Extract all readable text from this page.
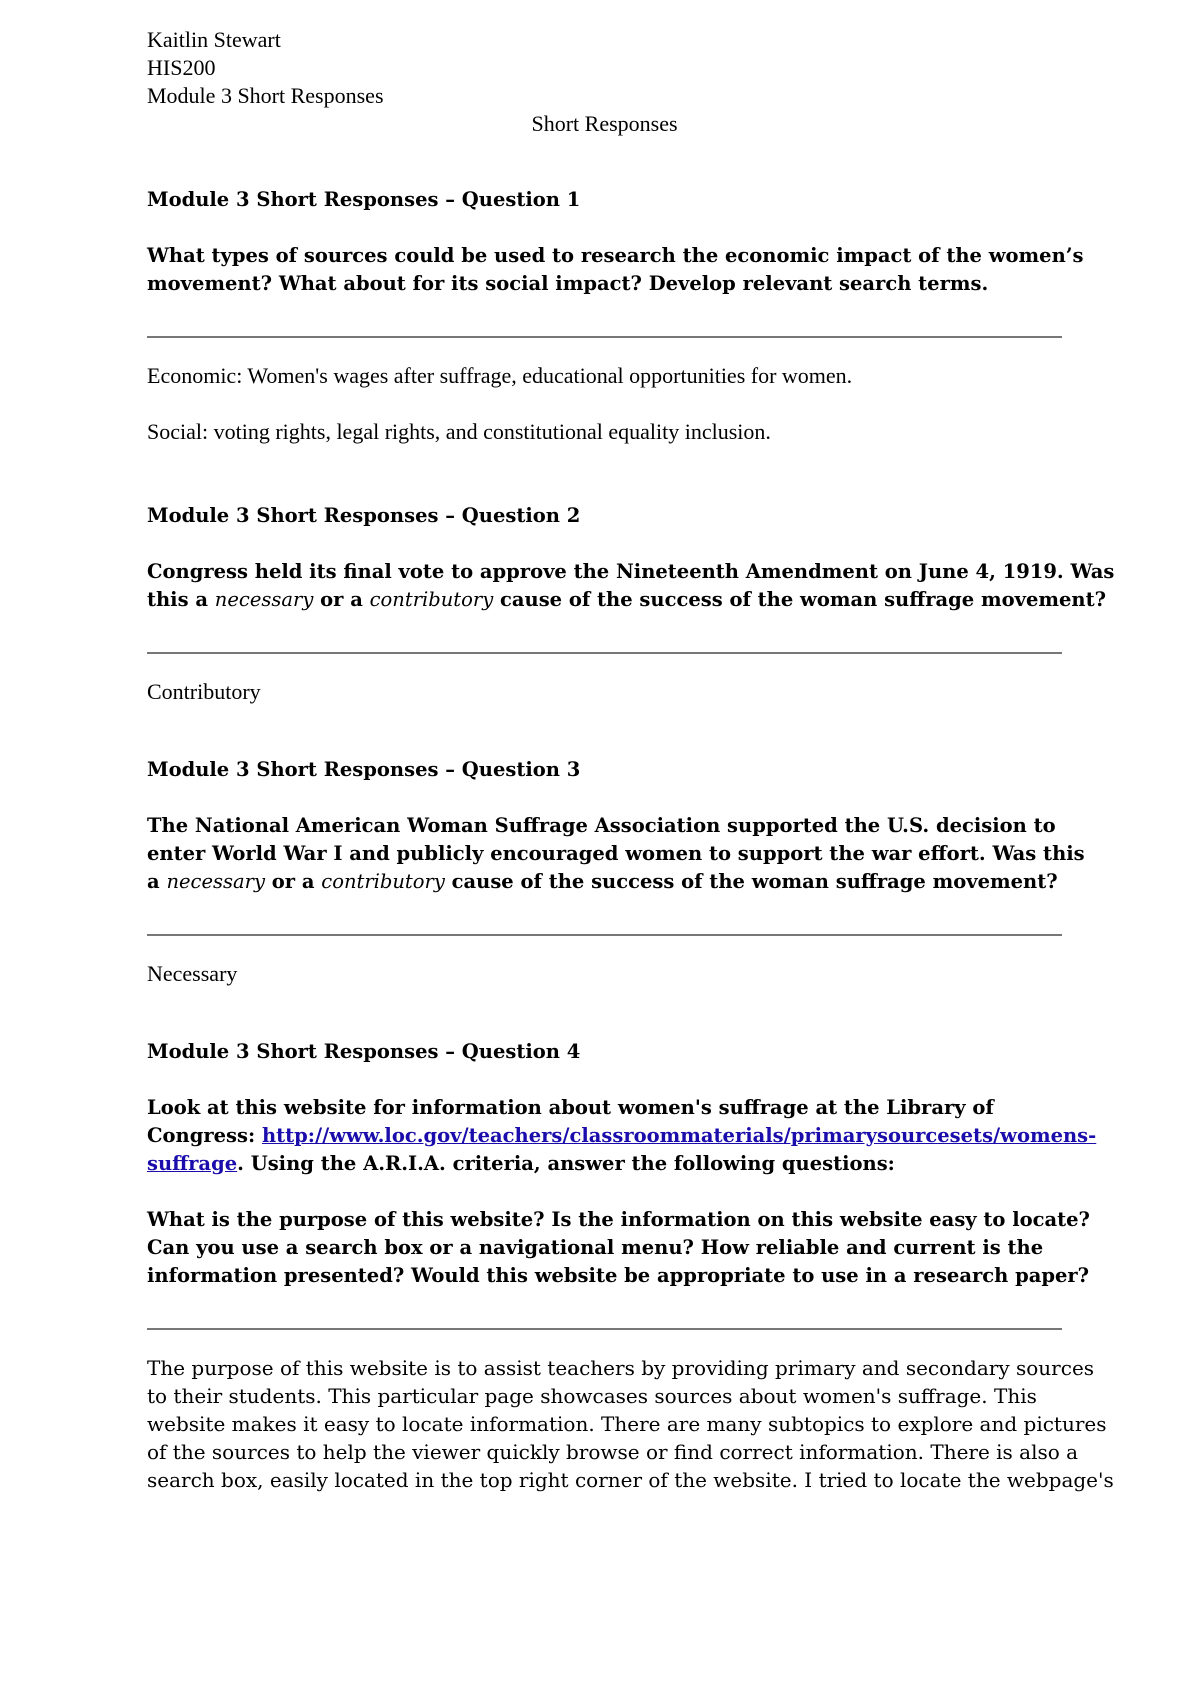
Kaitlin Stewart
HIS200
Module 3 Short Responses
Short Responses
Module 3 Short Responses – Question 1
What types of sources could be used to research the economic impact of the women’s
movement? What about for its social impact? Develop relevant search terms.
Economic: Women's wages after suffrage, educational opportunities for women.
Social: voting rights, legal rights, and constitutional equality inclusion.
Module 3 Short Responses – Question 2
Congress held its final vote to approve the Nineteenth Amendment on June 4, 1919. Was
this a necessary or a contributory cause of the success of the woman suffrage movement?
Contributory
Module 3 Short Responses – Question 3
The National American Woman Suffrage Association supported the U.S. decision to
enter World War I and publicly encouraged women to support the war effort. Was this
a necessary or a contributory cause of the success of the woman suffrage movement?
Necessary
Module 3 Short Responses – Question 4
Look at this website for information about women's suffrage at the Library of
Congress: http://www.loc.gov/teachers/classroommaterials/primarysourcesets/womens-
suffrage. Using the A.R.I.A. criteria, answer the following questions:
What is the purpose of this website? Is the information on this website easy to locate?
Can you use a search box or a navigational menu? How reliable and current is the
information presented? Would this website be appropriate to use in a research paper?
The purpose of this website is to assist teachers by providing primary and secondary sources
to their students. This particular page showcases sources about women's suffrage. This
website makes it easy to locate information. There are many subtopics to explore and pictures
of the sources to help the viewer quickly browse or find correct information. There is also a
search box, easily located in the top right corner of the website. I tried to locate the webpage's
